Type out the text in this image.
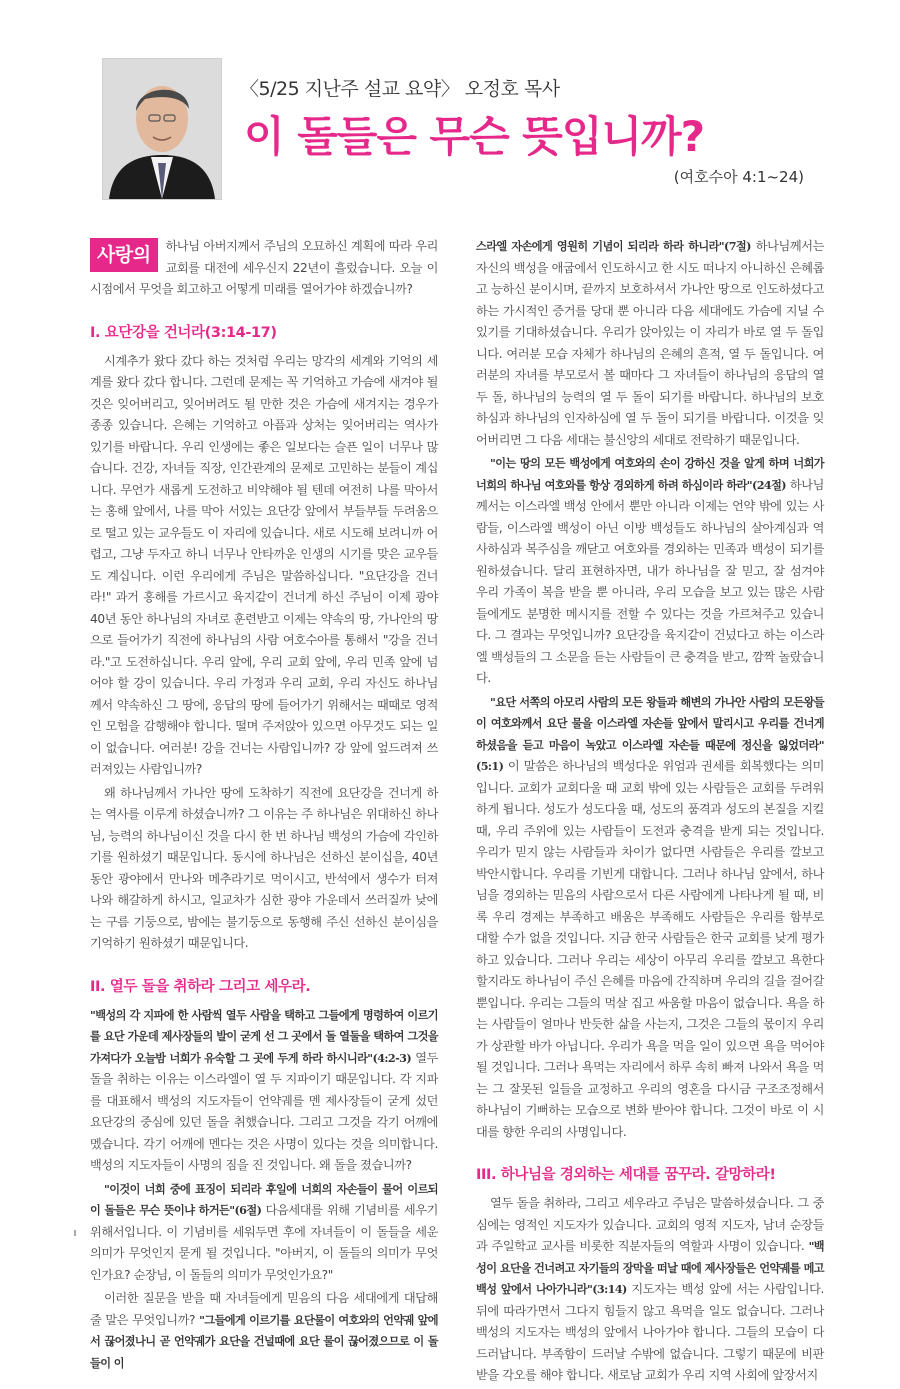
〈5/25 지난주 설교 요약〉 오정호 목사
이 돌들은 무슨 뜻입니까?
(여호수아 4:1~24)
사랑의	하나님 아버지께서 주님의 오묘하신 계획에 따라 우리 교회를 대전에 세우신지 22년이 흘렀습니다. 오늘 이 시점에서 무엇을 회고하고 어떻게 미래를 열어가야 하겠습니까?
I. 요단강을 건너라(3:14-17)

시계추가 왔다 갔다 하는 것처럼 우리는 망각의 세계와 기억의 세계를 왔다 갔다 합니다. 그런데 문제는 꼭 기억하고 가슴에 새겨야 될 것은 잊어버리고, 잊어버려도 될 만한 것은 가슴에 새겨지는 경우가 종종 있습니다. 은혜는 기억하고 아픔과 상처는 잊어버리는 역사가 있기를 바랍니다. 우리 인생에는 좋은 일보다는 슬픈 일이 너무나 많습니다. 건강, 자녀들 직장, 인간관계의 문제로 고민하는 분들이 계십니다. 무언가 새롭게 도전하고 비약해야 될 텐데 여전히 나를 막아서는 홍해 앞에서, 나를 막아 서있는 요단강 앞에서 부들부들 두려움으로 떨고 있는 교우들도 이 자리에 있습니다. 새로 시도해 보려니까 어렵고, 그냥 두자고 하니 너무나 안타까운 인생의 시기를 맞은 교우들도 계십니다. 이런 우리에게 주님은 말씀하십니다. "요단강을 건너라!" 과거 홍해를 가르시고 육지같이 건너게 하신 주님이 이제 광야 40년 동안 하나님의 자녀로 훈련받고 이제는 약속의 땅, 가나안의 땅으로 들어가기 직전에 하나님의 사람 여호수아를 통해서 "강을 건너라."고 도전하십니다. 우리 앞에, 우리 교회 앞에, 우리 민족 앞에 넘어야 할 강이 있습니다. 우리 가정과 우리 교회, 우리 자신도 하나님께서 약속하신 그 땅에, 응답의 땅에 들어가기 위해서는 때때로 영적인 모험을 감행해야 합니다. 떨며 주저앉아 있으면 아무것도 되는 일이 없습니다. 여러분! 강을 건너는 사람입니까? 강 앞에 엎드려져 쓰러져있는 사람입니까?

왜 하나님께서 가나안 땅에 도착하기 직전에 요단강을 건너게 하는 역사를 이루게 하셨습니까? 그 이유는 주 하나님은 위대하신 하나님, 능력의 하나님이신 것을 다시 한 번 하나님 백성의 가슴에 각인하기를 원하셨기 때문입니다. 동시에 하나님은 선하신 분이십을, 40년 동안 광야에서 만나와 메추라기로 먹이시고, 반석에서 생수가 터져 나와 해갈하게 하시고, 일교차가 심한 광야 가운데서 쓰러질까 낮에는 구름 기둥으로, 밤에는 불기둥으로 동행해 주신 선하신 분이심을 기억하기 원하셨기 때문입니다.

II. 열두 돌을 취하라 그리고 세우라.

"백성의 각 지파에 한 사람씩 열두 사람을 택하고 그들에게 명령하여 이르기를 요단 가운데 제사장들의 발이 굳게 선 그 곳에서 돌 열둘을 택하여 그것을 가져다가 오늘밤 너희가 유숙할 그 곳에 두게 하라 하시니라"(4:2-3) 열두 돌을 취하는 이유는 이스라엘이 열 두 지파이기 때문입니다. 각 지파를 대표해서 백성의 지도자들이 언약궤를 멘 제사장들이 굳게 섰던 요단강의 중심에 있던 돌을 취했습니다. 그리고 그것을 각기 어깨에 멨습니다. 각기 어깨에 멘다는 것은 사명이 있다는 것을 의미합니다. 백성의 지도자들이 사명의 짐을 진 것입니다. 왜 돌을 졌습니까?

"이것이 너희 중에 표징이 되리라 후일에 너희의 자손들이 물어 이르되 이 돌들은 무슨 뜻이냐 하거든"(6절) 다음세대를 위해 기념비를 세우기 위해서입니다. 이 기념비를 세워두면 후에 자녀들이 이 돌들을 세운 의미가 무엇인지 묻게 될 것입니다. "아버지, 이 돌들의 의미가 무엇인가요? 순장님, 이 돌들의 의미가 무엇인가요?"

이러한 질문을 받을 때 자녀들에게 믿음의 다음 세대에게 대답해 줄 말은 무엇입니까? "그들에게 이르기를 요단물이 여호와의 언약궤 앞에서 끊어졌나니 곧 언약궤가 요단을 건널때에 요단 물이 끊어졌으므로 이 돌들이 이

스라엘 자손에게 영원히 기념이 되리라 하라 하니라"(7절) 하나님께서는 자신의 백성을 애굽에서 인도하시고 한 시도 떠나지 아니하신 은혜롭고 능하신 분이시며, 끝까지 보호하셔서 가나안 땅으로 인도하셨다고 하는 가시적인 증거를 당대 뿐 아니라 다음 세대에도 가슴에 지닐 수 있기를 기대하셨습니다. 우리가 앉아있는 이 자리가 바로 열 두 돌입니다. 여러분 모습 자체가 하나님의 은혜의 흔적, 열 두 돌입니다. 여러분의 자녀를 부모로서 볼 때마다 그 자녀들이 하나님의 응답의 열두 돌, 하나님의 능력의 열 두 돌이 되기를 바랍니다. 하나님의 보호하심과 하나님의 인자하심에 열 두 돌이 되기를 바랍니다. 이것을 잊어버리면 그 다음 세대는 불신앙의 세대로 전락하기 때문입니다.

"이는 땅의 모든 백성에게 여호와의 손이 강하신 것을 알게 하며 너희가 너희의 하나님 여호와를 항상 경외하게 하려 하심이라 하라"(24절) 하나님께서는 이스라엘 백성 안에서 뿐만 아니라 이제는 언약 밖에 있는 사람들, 이스라엘 백성이 아닌 이방 백성들도 하나님의 살아계심과 역사하심과 복주심을 깨닫고 여호와를 경외하는 민족과 백성이 되기를 원하셨습니다. 달리 표현하자면, 내가 하나님을 잘 믿고, 잘 섬겨야 우리 가족이 복을 받을 뿐 아니라, 우리 모습을 보고 있는 많은 사람들에게도 분명한 메시지를 전할 수 있다는 것을 가르쳐주고 있습니다. 그 결과는 무엇입니까? 요단강을 육지같이 건넜다고 하는 이스라엘 백성들의 그 소문을 듣는 사람들이 큰 충격을 받고, 깜짝 놀랐습니다.

"요단 서쪽의 아모리 사람의 모든 왕들과 해변의 가나안 사람의 모든왕들이 여호와께서 요단 물을 이스라엘 자손들 앞에서 말리시고 우리를 건너게 하셨음을 듣고 마음이 녹았고 이스라엘 자손들 때문에 정신을 잃었더라"(5:1) 이 말씀은 하나님의 백성다운 위엄과 권세를 회복했다는 의미입니다. 교회가 교회다울 때 교회 밖에 있는 사람들은 교회를 두려워하게 됩니다. 성도가 성도다울 때, 성도의 품격과 성도의 본질을 지킬 때, 우리 주위에 있는 사람들이 도전과 충격을 받게 되는 것입니다. 우리가 믿지 않는 사람들과 차이가 없다면 사람들은 우리를 깔보고 박안시합니다. 우리를 기빈게 대합니다. 그러나 하나님 앞에서, 하나님을 경외하는 믿음의 사람으로서 다른 사람에게 나타나게 될 때, 비록 우리 경제는 부족하고 배움은 부족해도 사람들은 우리를 함부로 대할 수가 없을 것입니다. 지금 한국 사람들은 한국 교회를 낮게 평가하고 있습니다. 그러나 우리는 세상이 아무리 우리를 깔보고 욕한다 할지라도 하나님이 주신 은혜를 마음에 간직하며 우리의 길을 걸어갈 뿐입니다. 우리는 그들의 먹살 집고 싸움할 마음이 없습니다. 욕을 하는 사람들이 얼마나 반듯한 삶을 사는지, 그것은 그들의 몫이지 우리가 상관할 바가 아닙니다. 우리가 욕을 먹을 일이 있으면 욕을 먹어야 될 것입니다. 그러나 욕먹는 자리에서 하루 속히 빠져 나와서 욕을 먹는 그 잘못된 일들을 교정하고 우리의 영혼을 다시금 구조조정해서 하나님이 기뻐하는 모습으로 변화 받아야 합니다. 그것이 바로 이 시대를 향한 우리의 사명입니다.

III. 하나님을 경외하는 세대를 꿈꾸라. 갈망하라!

열두 돌을 취하라, 그리고 세우라고 주님은 말씀하셨습니다. 그 중심에는 영적인 지도자가 있습니다. 교회의 영적 지도자, 남녀 순장들과 주일학교 교사를 비롯한 직분자들의 역할과 사명이 있습니다. "백성이 요단을 건너려고 자기들의 장막을 떠날 때에 제사장들은 언약궤를 메고 백성 앞에서 나아가니라"(3:14) 지도자는 백성 앞에 서는 사람입니다. 뒤에 따라가면서 그다지 힘들지 않고 욕먹을 일도 없습니다. 그러나 백성의 지도자는 백성의 앞에서 나아가야 합니다. 그들의 모습이 다 드러납니다. 부족함이 드러날 수밖에 없습니다. 그렇기 때문에 비판 받을 각오를 해야 합니다. 새로남 교회가 우리 지역 사회에 앞장서지
